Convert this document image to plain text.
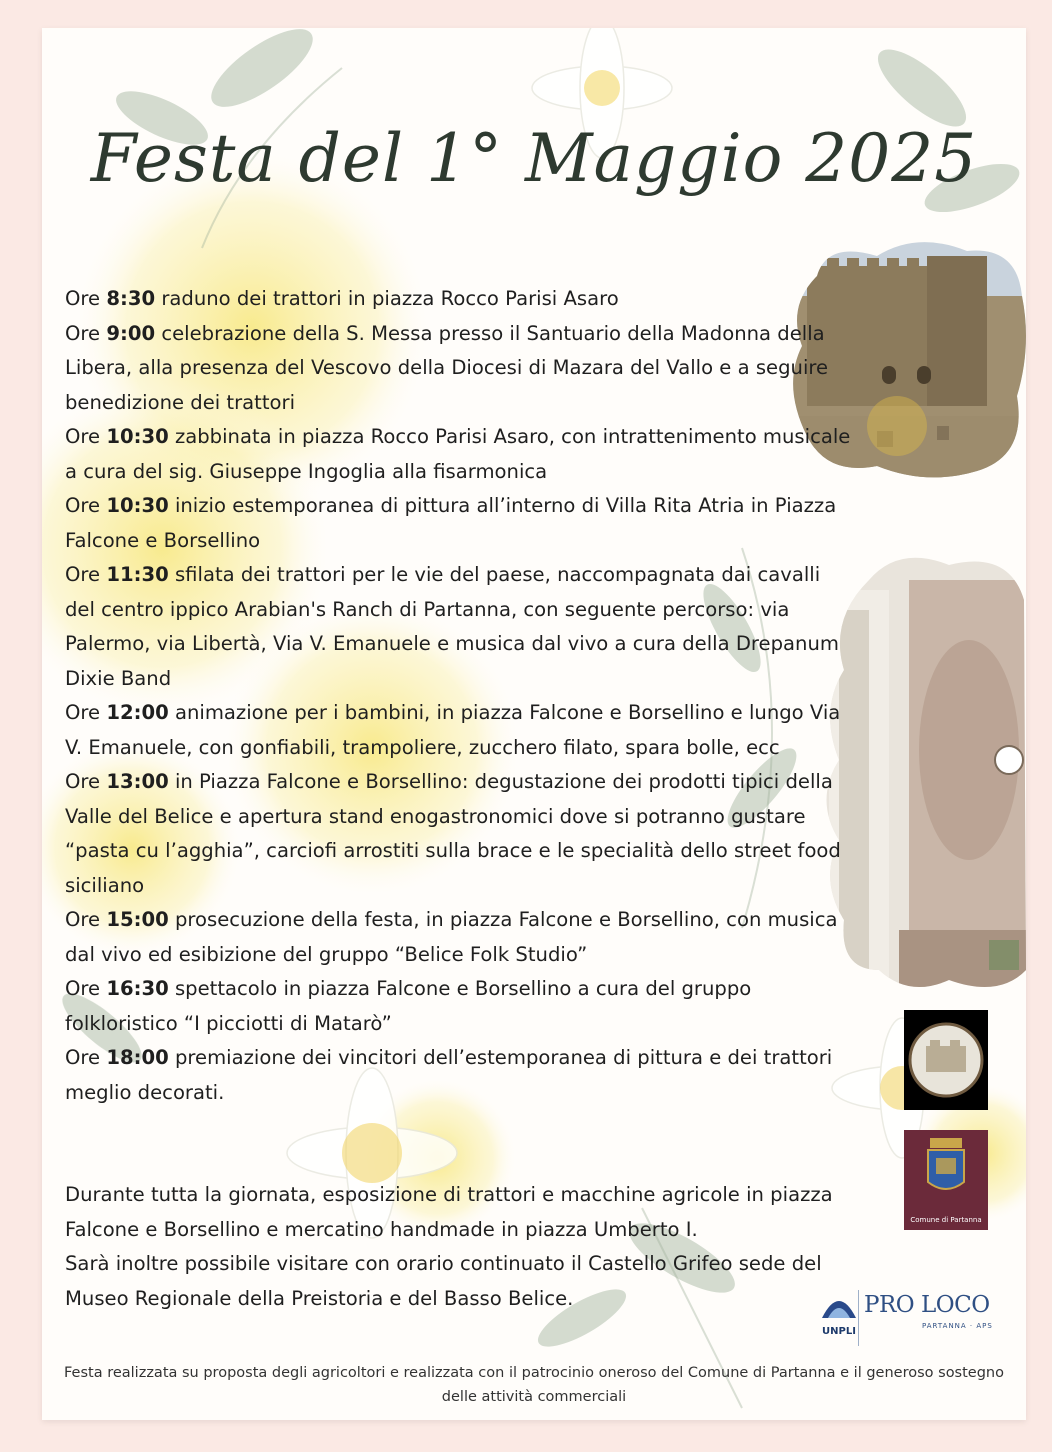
Festa del 1° Maggio 2025
Ore 8:30 raduno dei trattori in piazza Rocco Parisi Asaro
Ore 9:00 celebrazione della S. Messa presso il Santuario della Madonna della Libera, alla presenza del Vescovo della Diocesi di Mazara del Vallo e a seguire benedizione dei trattori
Ore 10:30 zabbinata in piazza Rocco Parisi Asaro, con intrattenimento musicale a cura del sig. Giuseppe Ingoglia alla fisarmonica
Ore 10:30 inizio estemporanea di pittura all’interno di Villa Rita Atria in Piazza Falcone e Borsellino
Ore 11:30 sfilata dei trattori per le vie del paese, naccompagnata dai cavalli del centro ippico Arabian's Ranch di Partanna, con seguente percorso: via Palermo, via Libertà, Via V. Emanuele e musica dal vivo a cura della Drepanum Dixie Band
Ore 12:00 animazione per i bambini, in piazza Falcone e Borsellino e lungo Via V. Emanuele, con gonfiabili, trampoliere, zucchero filato, spara bolle, ecc
Ore 13:00 in Piazza Falcone e Borsellino: degustazione dei prodotti tipici della Valle del Belice e apertura stand enogastronomici dove si potranno gustare “pasta cu l’agghia”, carciofi arrostiti sulla brace e le specialità dello street food siciliano
Ore 15:00 prosecuzione della festa, in piazza Falcone e Borsellino, con musica dal vivo ed esibizione del gruppo “Belice Folk Studio”
Ore 16:30 spettacolo in piazza Falcone e Borsellino a cura del gruppo folkloristico “I picciotti di Matarò”
Ore 18:00 premiazione dei vincitori dell’estemporanea di pittura e dei trattori meglio decorati.

Durante tutta la giornata, esposizione di trattori e macchine agricole in piazza Falcone e Borsellino e mercatino handmade in piazza Umberto I.
Sarà inoltre possibile visitare con orario continuato il Castello Grifeo sede del Museo Regionale della Preistoria e del Basso Belice.

Comune di Partanna
UNPLI
PRO LOCO
PARTANNA · APS

Festa realizzata su proposta degli agricoltori e realizzata con il patrocinio oneroso del Comune di Partanna e il generoso sostegno delle attività commerciali
